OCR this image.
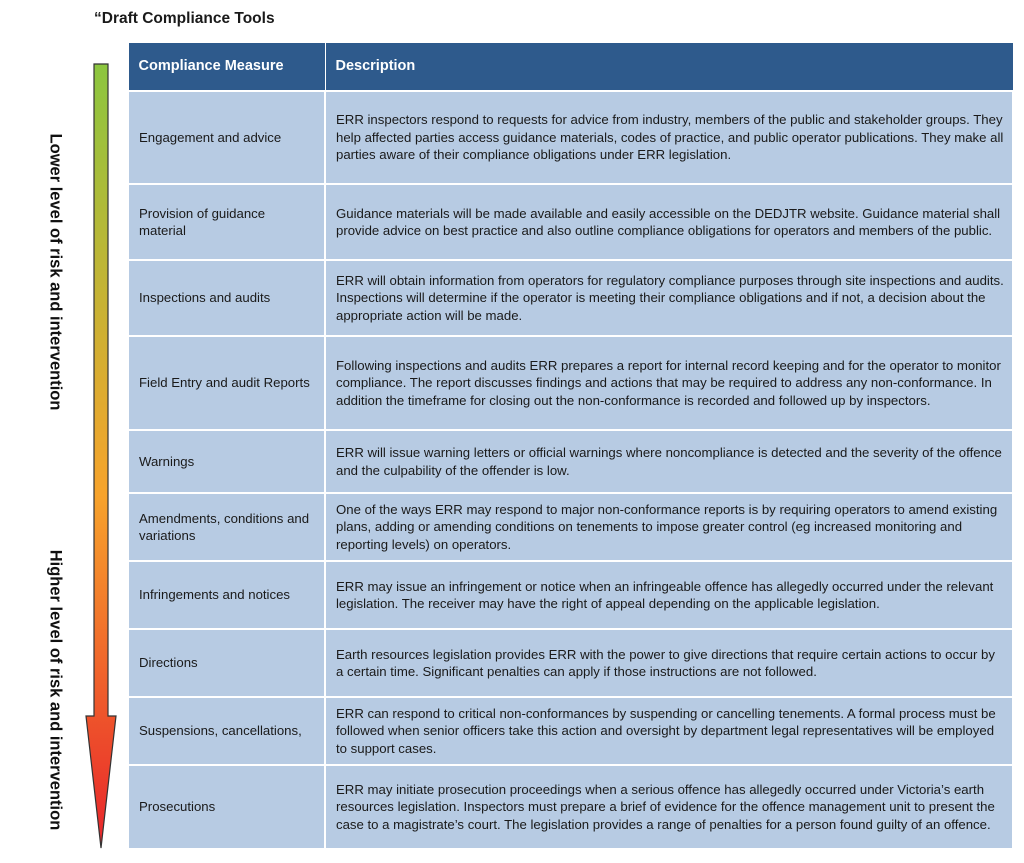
“Draft Compliance Tools
Lower level of risk and intervention
Higher level of risk and intervention
Compliance Measure	Description
Engagement and advice	ERR inspectors respond to requests for advice from industry, members of the public and stakeholder groups. They help affected parties access guidance materials, codes of practice, and public operator publications. They make all parties aware of their compliance obligations under ERR legislation.
Provision of guidance material	Guidance materials will be made available and easily accessible on the DEDJTR website. Guidance material shall provide advice on best practice and also outline compliance obligations for operators and members of the public.
Inspections and audits	ERR will obtain information from operators for regulatory compliance purposes through site inspections and audits. Inspections will determine if the operator is meeting their compliance obligations and if not, a decision about the appropriate action will be made.
Field Entry and audit Reports	Following inspections and audits ERR prepares a report for internal record keeping and for the operator to monitor compliance. The report discusses findings and actions that may be required to address any non-conformance. In addition the timeframe for closing out the non-conformance is recorded and followed up by inspectors.
Warnings	ERR will issue warning letters or official warnings where noncompliance is detected and the severity of the offence and the culpability of the offender is low.
Amendments, conditions and variations	One of the ways ERR may respond to major non-conformance reports is by requiring operators to amend existing plans, adding or amending conditions on tenements to impose greater control (eg increased monitoring and reporting levels) on operators.
Infringements and notices	ERR may issue an infringement or notice when an infringeable offence has allegedly occurred under the relevant legislation. The receiver may have the right of appeal depending on the applicable legislation.
Directions	Earth resources legislation provides ERR with the power to give directions that require certain actions to occur by a certain time. Significant penalties can apply if those instructions are not followed.
Suspensions, cancellations,	ERR can respond to critical non-conformances by suspending or cancelling tenements. A formal process must be followed when senior officers take this action and oversight by department legal representatives will be employed to support cases.
Prosecutions	ERR may initiate prosecution proceedings when a serious offence has allegedly occurred under Victoria’s earth resources legislation. Inspectors must prepare a brief of evidence for the offence management unit to present the case to a magistrate’s court. The legislation provides a range of penalties for a person found guilty of an offence.
